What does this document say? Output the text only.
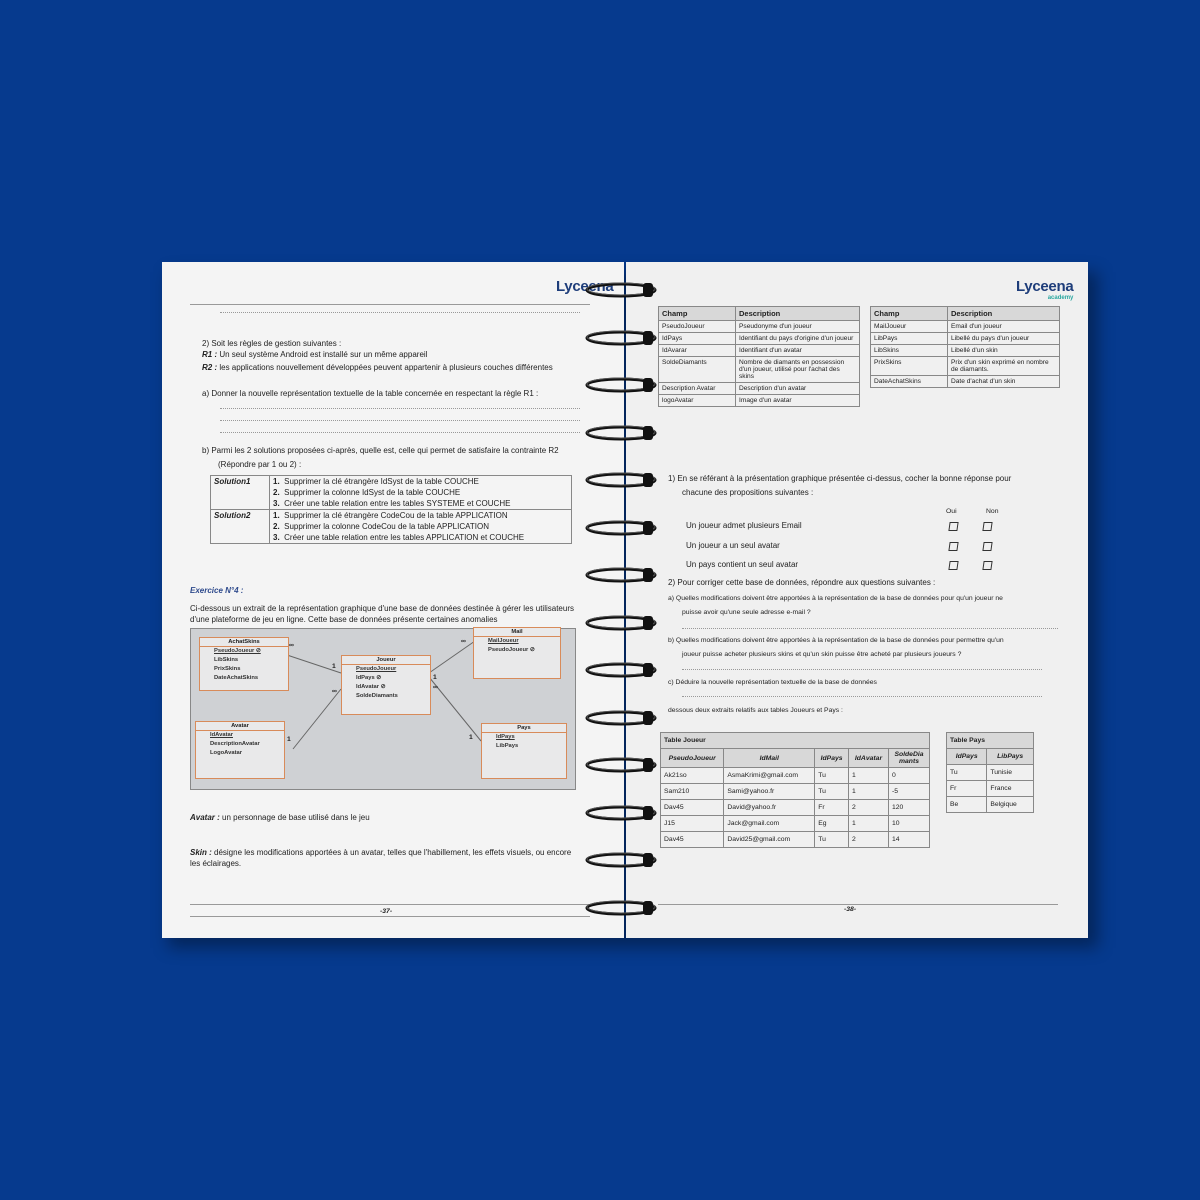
Lyceena
2) Soit les règles de gestion suivantes :
R1 : Un seul système Android est installé sur un même appareil
R2 : les applications nouvellement développées peuvent appartenir à plusieurs couches différentes
a) Donner la nouvelle représentation textuelle de la table concernée en respectant la règle R1 :
b) Parmi les 2 solutions proposées ci-après, quelle est, celle qui permet de satisfaire la contrainte R2
(Répondre par 1 ou 2) :
Solution1	1. Supprimer la clé étrangère IdSyst de la table COUCHE
	2. Supprimer la colonne IdSyst de la table COUCHE
	3. Créer une table relation entre les tables SYSTEME et COUCHE
Solution2	1. Supprimer la clé étrangère CodeCou de la table APPLICATION
	2. Supprimer la colonne CodeCou de la table APPLICATION
	3. Créer une table relation entre les tables APPLICATION et COUCHE
Exercice N°4 :
Ci-dessous un extrait de la représentation graphique d'une base de données destinée à gérer les utilisateurs
d'une plateforme de jeu en ligne. Cette base de données présente certaines anomalies
AchatSkins
PseudoJoueur ⊘
LibSkins
PrixSkins
DateAchatSkins
Joueur
PseudoJoueur
IdPays ⊘
IdAvatar ⊘
SoldeDiamants
Mail
MailJoueur
PseudoJoueur ⊘
Avatar
IdAvatar
DescriptionAvatar
LogoAvatar
Pays
IdPays
LibPays
∞
1
∞
1
∞
1
∞
1
Avatar : un personnage de base utilisé dans le jeu
Skin : désigne les modifications apportées à un avatar, telles que l'habillement, les effets visuels, ou encore
les éclairages.
-37-
Lyceena
academy
Champ	Description
PseudoJoueur	Pseudonyme d'un joueur
IdPays	Identifiant du pays d'origine d'un joueur
IdAvarar	Identifiant d'un avatar
SoldeDiamants	Nombre de diamants en possession d'un joueur, utilisé pour l'achat des skins
Description Avatar	Description d'un avatar
logoAvatar	Image d'un avatar
Champ	Description
MailJoueur	Email d'un joueur
LibPays	Libellé du pays d'un joueur
LibSkins	Libellé d'un skin
PrixSkins	Prix d'un skin exprimé en nombre de diamants.
DateAchatSkins	Date d'achat d'un skin
1) En se référant à la présentation graphique présentée ci-dessus, cocher la bonne réponse pour
chacune des propositions suivantes :
Oui	Non
Un joueur admet plusieurs Email
Un joueur a un seul avatar
Un pays contient un seul avatar
2) Pour corriger cette base de données, répondre aux questions suivantes :
a) Quelles modifications doivent être apportées à la représentation de la base de données pour qu'un joueur ne
puisse avoir qu'une seule adresse e-mail ?
b) Quelles modifications doivent être apportées à la représentation de la base de données pour permettre qu'un
joueur puisse acheter plusieurs skins et qu'un skin puisse être acheté par plusieurs joueurs ?
c) Déduire la nouvelle représentation textuelle de la base de données
dessous deux extraits relatifs aux tables Joueurs et Pays :
Table Joueur				
PseudoJoueur	IdMail	IdPays	IdAvatar	SoldeDia mants
Ak21so	AsmaKrimi@gmail.com	Tu	1	0
Sam210	Sami@yahoo.fr	Tu	1	-5
Dav45	David@yahoo.fr	Fr	2	120
J15	Jack@gmail.com	Eg	1	10
Dav45	David25@gmail.com	Tu	2	14
Table Pays	
IdPays	LibPays
Tu	Tunisie
Fr	France
Be	Belgique
-38-
